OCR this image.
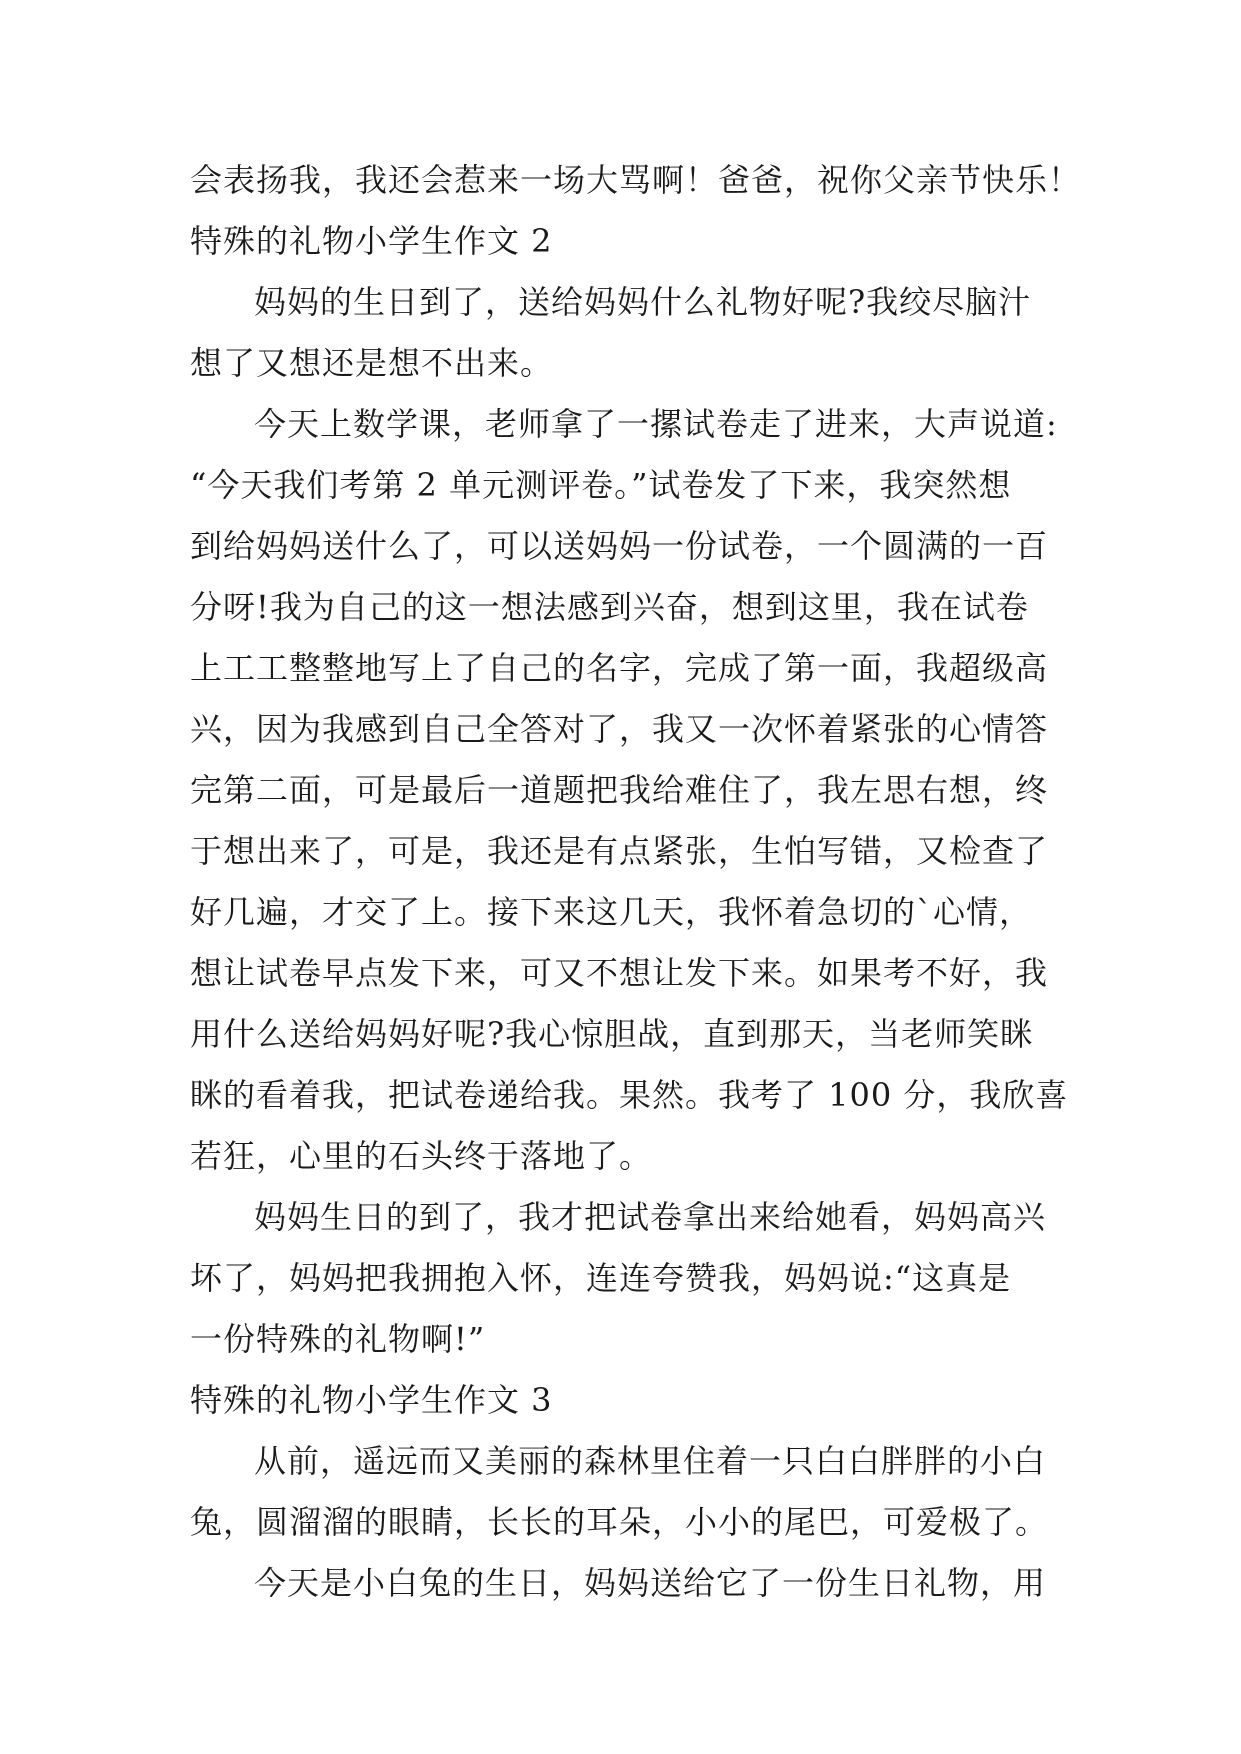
会表扬我，我还会惹来一场大骂啊！爸爸，祝你父亲节快乐！
特殊的礼物小学生作文 2
妈妈的生日到了，送给妈妈什么礼物好呢?我绞尽脑汁
想了又想还是想不出来。
今天上数学课，老师拿了一摞试卷走了进来，大声说道:
“今天我们考第 2 单元测评卷。”试卷发了下来，我突然想
到给妈妈送什么了，可以送妈妈一份试卷，一个圆满的一百
分呀!我为自己的这一想法感到兴奋，想到这里，我在试卷
上工工整整地写上了自己的名字，完成了第一面，我超级高
兴，因为我感到自己全答对了，我又一次怀着紧张的心情答
完第二面，可是最后一道题把我给难住了，我左思右想，终
于想出来了，可是，我还是有点紧张，生怕写错，又检查了
好几遍，才交了上。接下来这几天，我怀着急切的`心情，
想让试卷早点发下来，可又不想让发下来。如果考不好，我
用什么送给妈妈好呢?我心惊胆战，直到那天，当老师笑眯
眯的看着我，把试卷递给我。果然。我考了 100 分，我欣喜
若狂，心里的石头终于落地了。
妈妈生日的到了，我才把试卷拿出来给她看，妈妈高兴
坏了，妈妈把我拥抱入怀，连连夸赞我，妈妈说:“这真是
一份特殊的礼物啊!”
特殊的礼物小学生作文 3
从前，遥远而又美丽的森林里住着一只白白胖胖的小白
兔，圆溜溜的眼睛，长长的耳朵，小小的尾巴，可爱极了。
今天是小白兔的生日，妈妈送给它了一份生日礼物，用
